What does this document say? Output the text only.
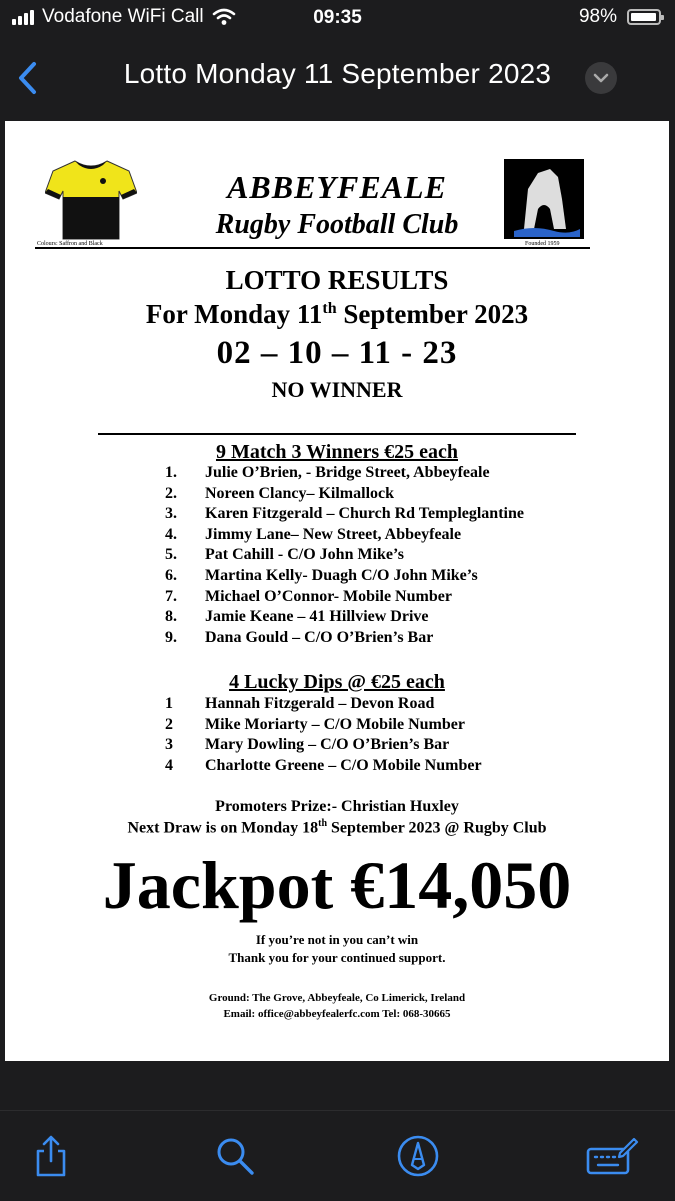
Vodafone WiFi Call	09:35	98%
Lotto Monday 11 September 2023
Colours: Saffron and Black
ABBEYFEALE
Rugby Football Club
Founded 1959
LOTTO RESULTS
For Monday 11th September 2023
02 – 10 – 11 - 23
NO WINNER
9 Match 3 Winners €25 each
1.	Julie O’Brien, - Bridge Street, Abbeyfeale
2.	Noreen Clancy– Kilmallock
3.	Karen Fitzgerald – Church Rd Templeglantine
4.	Jimmy Lane– New Street, Abbeyfeale
5.	Pat Cahill - C/O John Mike’s
6.	Martina Kelly- Duagh C/O John Mike’s
7.	Michael O’Connor- Mobile Number
8.	Jamie Keane – 41 Hillview Drive
9.	Dana Gould – C/O O’Brien’s Bar
4 Lucky Dips @ €25 each
1	Hannah Fitzgerald – Devon Road
2	Mike Moriarty – C/O Mobile Number
3	Mary Dowling – C/O O’Brien’s Bar
4	Charlotte Greene – C/O Mobile Number
Promoters Prize:- Christian Huxley
Next Draw is on Monday 18th September 2023 @ Rugby Club
Jackpot €14,050
If you’re not in you can’t win
Thank you for your continued support.
Ground: The Grove, Abbeyfeale, Co Limerick, Ireland
Email: office@abbeyfealerfc.com Tel: 068-30665
